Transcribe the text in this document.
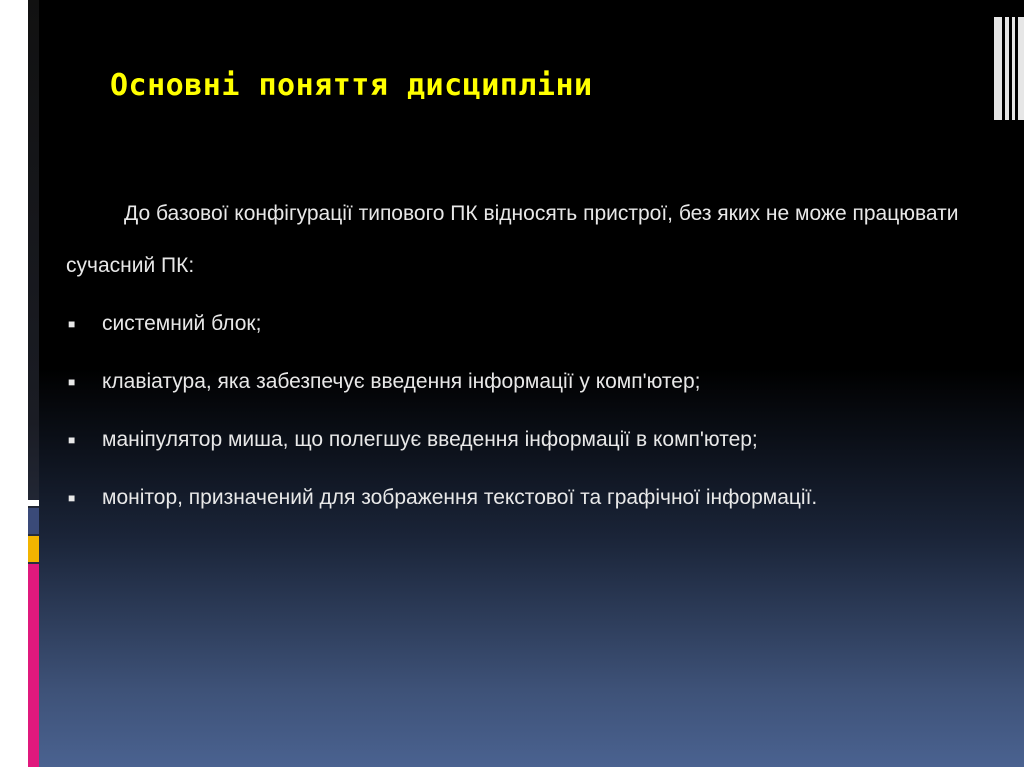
Основні поняття дисципліни

До базової конфігурації типового ПК відносять пристрої, без яких не може працювати сучасний ПК:

■ системний блок;
■ клавіатура, яка забезпечує введення інформації у комп'ютер;
■ маніпулятор миша, що полегшує введення інформації в комп'ютер;
■ монітор, призначений для зображення текстової та графічної інформації.
